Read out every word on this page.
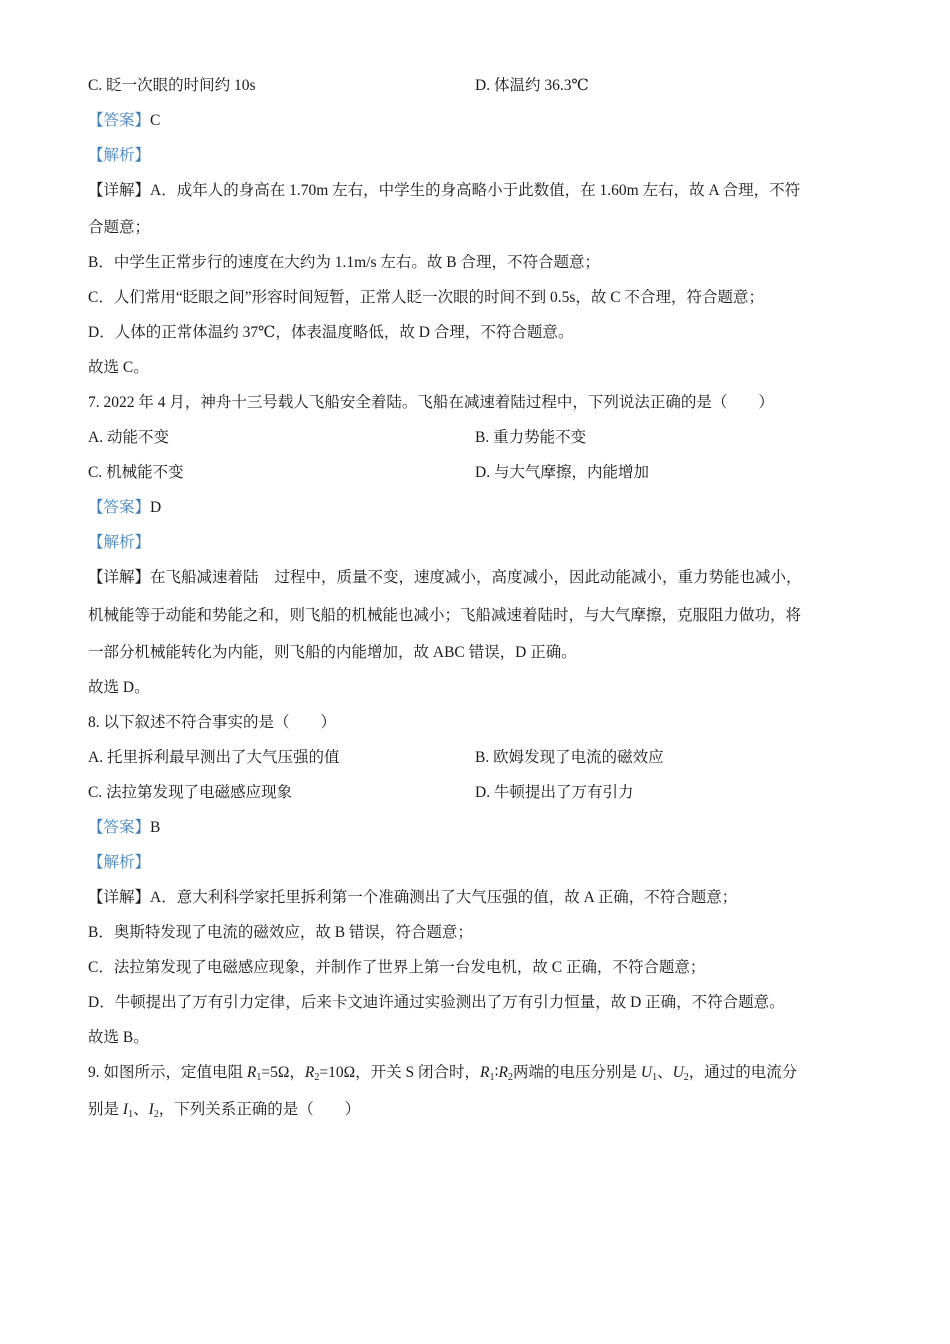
C. 眨一次眼的时间约 10s	D. 体温约 36.3℃
【答案】C
【解析】
【详解】A．成年人的身高在 1.70m 左右，中学生的身高略小于此数值，在 1.60m 左右，故 A 合理，不符
合题意；
B．中学生正常步行的速度在大约为 1.1m/s 左右。故 B 合理，不符合题意；
C．人们常用“眨眼之间”形容时间短暂，正常人眨一次眼的时间不到 0.5s，故 C 不合理，符合题意；
D．人体的正常体温约 37℃，体表温度略低，故 D 合理，不符合题意。
故选 C。
7. 2022 年 4 月，神舟十三号载人飞船安全着陆。飞船在减速着陆过程中，下列说法正确的是（　　）
A. 动能不变	B. 重力势能不变
C. 机械能不变	D. 与大气摩擦，内能增加
【答案】D
【解析】
【详解】在飞船减速着陆 过程中，质量不变，速度减小，高度减小，因此动能减小，重力势能也减小，
机械能等于动能和势能之和，则飞船的机械能也减小；飞船减速着陆时，与大气摩擦，克服阻力做功，将
一部分机械能转化为内能，则飞船的内能增加，故 ABC 错误，D 正确。
故选 D。
8. 以下叙述不符合事实的是（　　）
A. 托里拆利最早测出了大气压强的值	B. 欧姆发现了电流的磁效应
C. 法拉第发现了电磁感应现象	D. 牛顿提出了万有引力
【答案】B
【解析】
【详解】A．意大利科学家托里拆利第一个准确测出了大气压强的值，故 A 正确，不符合题意；
B．奥斯特发现了电流的磁效应，故 B 错误，符合题意；
C．法拉第发现了电磁感应现象，并制作了世界上第一台发电机，故 C 正确，不符合题意；
D．牛顿提出了万有引力定律，后来卡文迪许通过实验测出了万有引力恒量，故 D 正确，不符合题意。
故选 B。
9. 如图所示，定值电阻 $R_1=5\Omega$，$R_2=10\Omega$，开关 S 闭合时，$R_1∶R_2$两端的电压分别是 $U_1$、$U_2$，通过的电流分
别是 $I_1$、$I_2$，下列关系正确的是（　　）
